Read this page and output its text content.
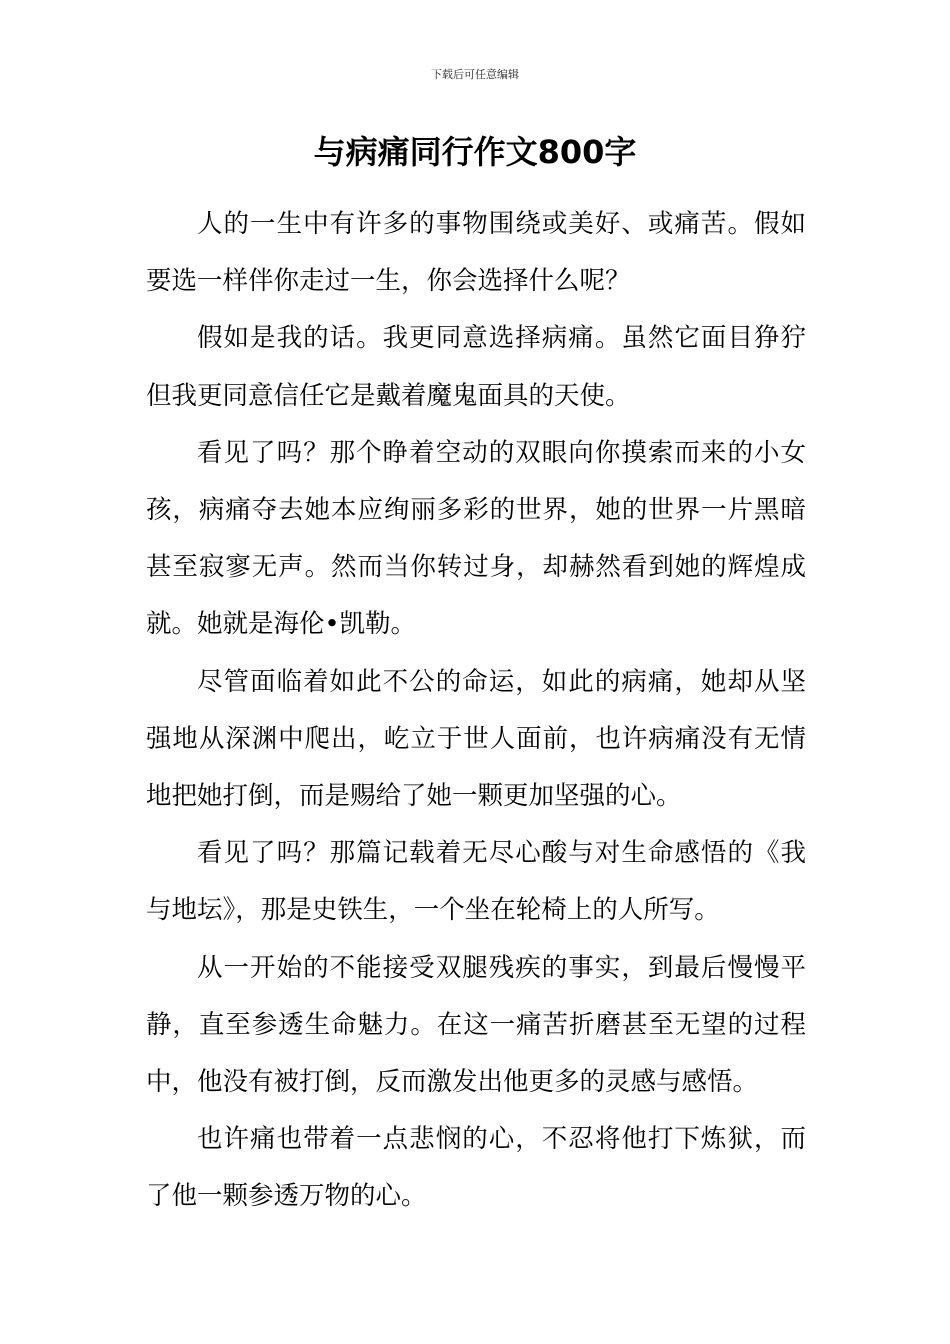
下载后可任意编辑
与病痛同行作文800字

人的一生中有许多的事物围绕或美好、或痛苦。假如要选一样伴你走过一生，你会选择什么呢？

假如是我的话。我更同意选择病痛。虽然它面目狰狞但我更同意信任它是戴着魔鬼面具的天使。

看见了吗？那个睁着空动的双眼向你摸索而来的小女孩，病痛夺去她本应绚丽多彩的世界，她的世界一片黑暗甚至寂寥无声。然而当你转过身，却赫然看到她的辉煌成就。她就是海伦•凯勒。

尽管面临着如此不公的命运，如此的病痛，她却从坚强地从深渊中爬出，屹立于世人面前，也许病痛没有无情地把她打倒，而是赐给了她一颗更加坚强的心。

看见了吗？那篇记载着无尽心酸与对生命感悟的《我与地坛》，那是史铁生，一个坐在轮椅上的人所写。

从一开始的不能接受双腿残疾的事实，到最后慢慢平静，直至参透生命魅力。在这一痛苦折磨甚至无望的过程中，他没有被打倒，反而激发出他更多的灵感与感悟。

也许痛也带着一点悲悯的心，不忍将他打下炼狱，而了他一颗参透万物的心。
